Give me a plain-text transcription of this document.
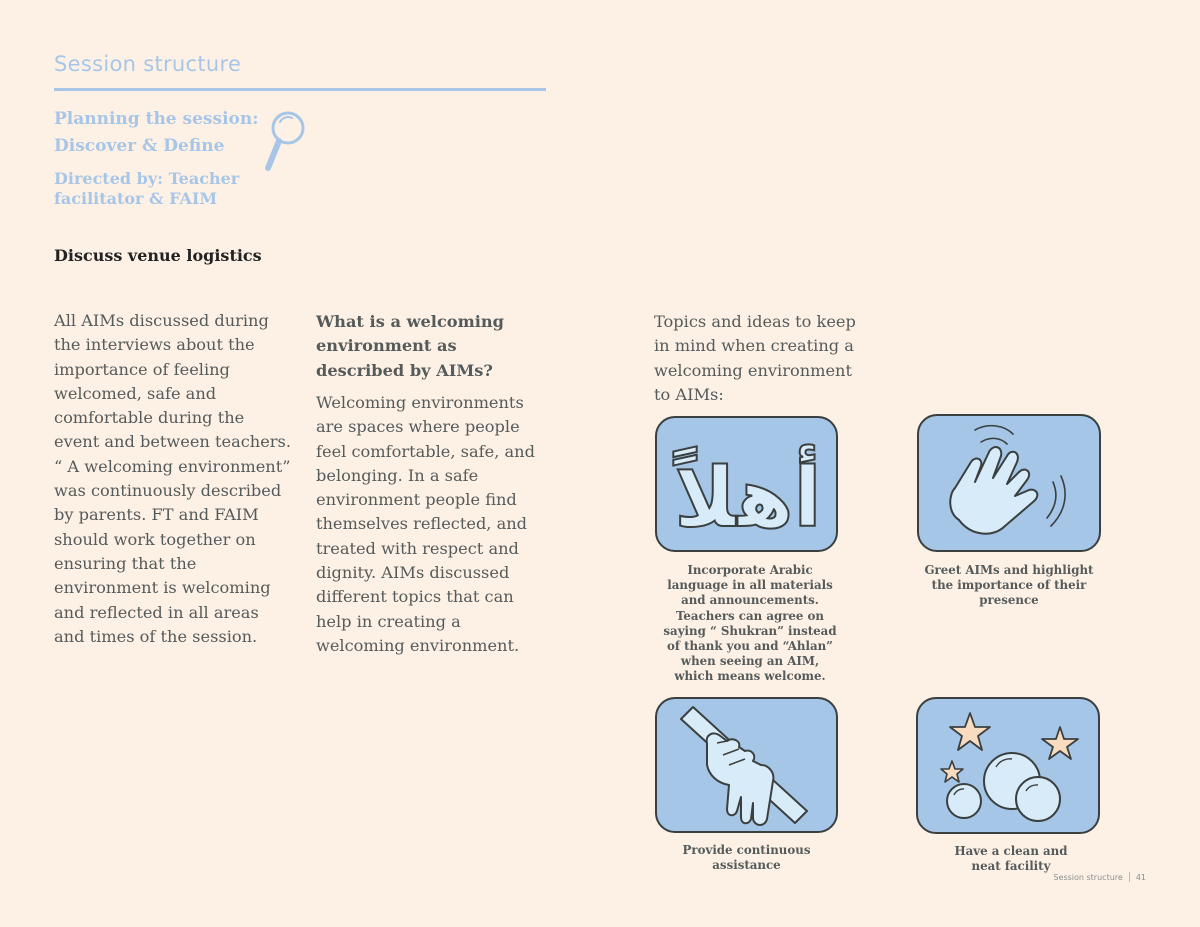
Session structure
Planning the session:
Discover & Define
Directed by: Teacher facilitator & FAIM
Discuss venue logistics
All AIMs discussed during the interviews about the importance of feeling welcomed, safe and comfortable during the event and between teachers. “ A welcoming environment” was continuously described by parents. FT and FAIM should work together on ensuring that the environment is welcoming and reflected in all areas and times of the session.
What is a welcoming environment as described by AIMs?
Welcoming environments are spaces where people feel comfortable, safe, and belonging. In a safe environment people find themselves reflected, and treated with respect and dignity. AIMs discussed different topics that can help in creating a welcoming environment.
Topics and ideas to keep in mind when creating a welcoming environment to AIMs:
أهلاً
Incorporate Arabic
language in all materials
and announcements.
Teachers can agree on
saying “ Shukran” instead
of thank you and “Ahlan”
when seeing an AIM,
which means welcome.
Greet AIMs and highlight
the importance of their
presence
Provide continuous
assistance
Have a clean and
neat facility
Session structure 41
